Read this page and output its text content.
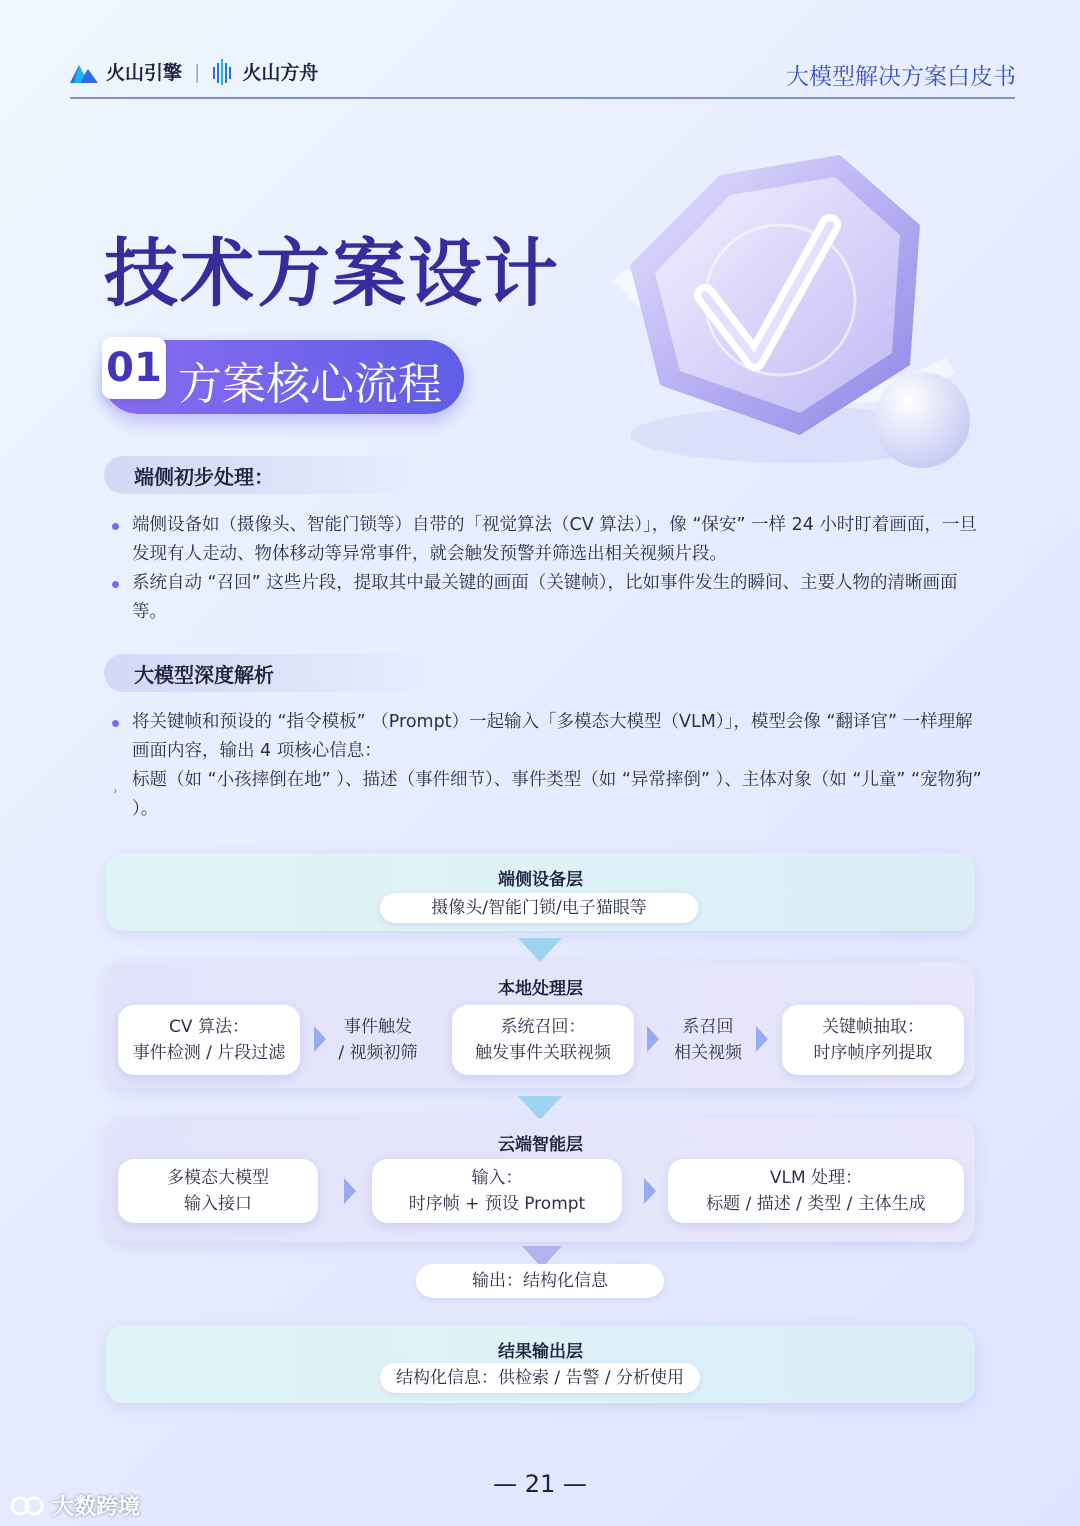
火山引擎 | 火山方舟	大模型解决方案白皮书
技术方案设计
01 方案核心流程
端侧初步处理：
端侧设备如（摄像头、智能门锁等）自带的「视觉算法（CV 算法）」，像 “保安” 一样 24 小时盯着画面，一旦发现有人走动、物体移动等异常事件，就会触发预警并筛选出相关视频片段。
系统自动 “召回” 这些片段，提取其中最关键的画面（关键帧），比如事件发生的瞬间、主要人物的清晰画面等。
大模型深度解析
将关键帧和预设的 “指令模板” （Prompt）一起输入「多模态大模型（VLM）」，模型会像 “翻译官” 一样理解画面内容，输出 4 项核心信息：
›
标题（如 “小孩摔倒在地” ）、描述（事件细节）、事件类型（如 “异常摔倒” ）、主体对象（如 “儿童” “宠物狗” ）。
端侧设备层
摄像头/智能门锁/电子猫眼等
本地处理层
CV 算法：
事件检测 / 片段过滤
事件触发
/ 视频初筛
系统召回：
触发事件关联视频
系召回
相关视频
关键帧抽取：
时序帧序列提取
云端智能层
多模态大模型
输入接口
输入：
时序帧 + 预设 Prompt
VLM 处理：
标题 / 描述 / 类型 / 主体生成
输出：结构化信息
结果输出层
结构化信息：供检索 / 告警 / 分析使用
— 21 —
大数跨境
